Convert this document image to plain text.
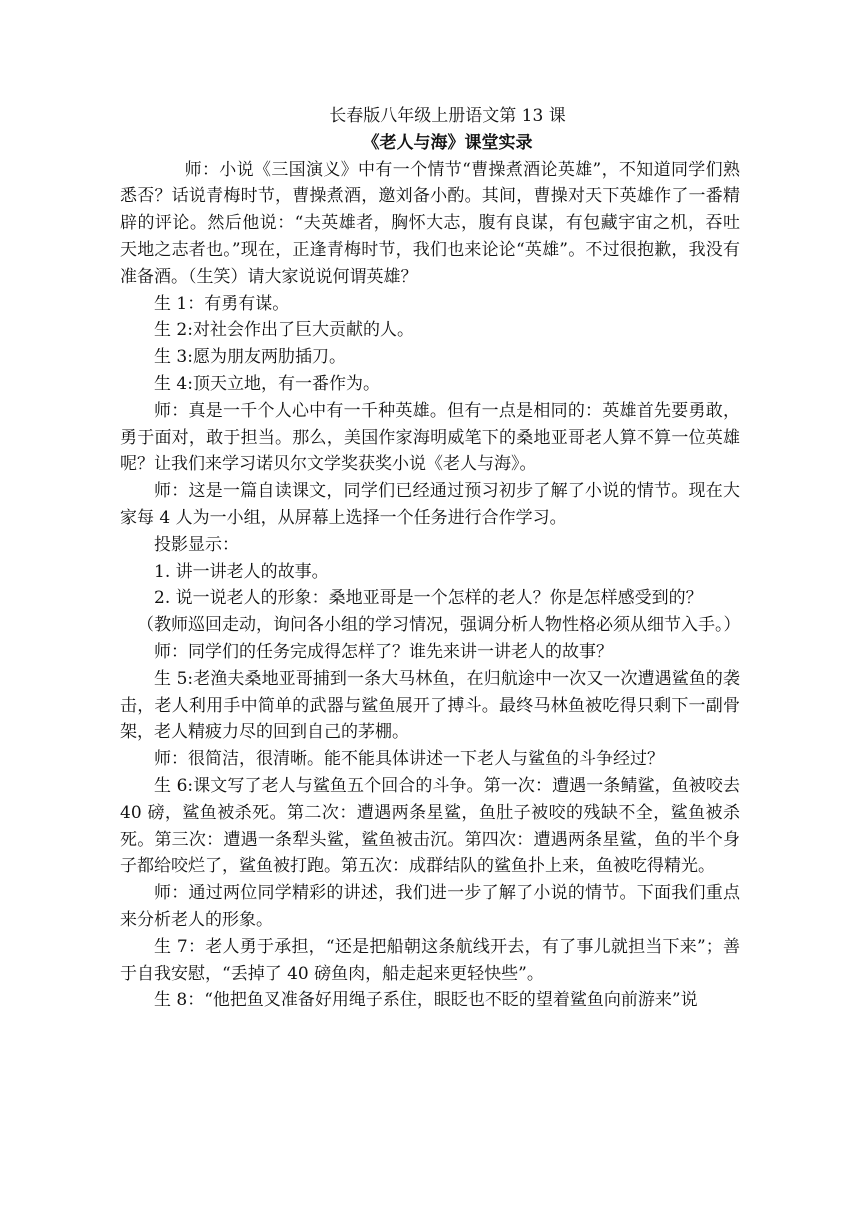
长春版八年级上册语文第 13 课
《老人与海》课堂实录

师：小说《三国演义》中有一个情节“曹操煮酒论英雄”，不知道同学们熟悉否？话说青梅时节，曹操煮酒，邀刘备小酌。其间，曹操对天下英雄作了一番精辟的评论。然后他说：“夫英雄者，胸怀大志，腹有良谋，有包藏宇宙之机，吞吐天地之志者也。”现在，正逢青梅时节，我们也来论论“英雄”。不过很抱歉，我没有准备酒。（生笑）请大家说说何谓英雄？

生 1：有勇有谋。

生 2:对社会作出了巨大贡献的人。

生 3:愿为朋友两肋插刀。

生 4:顶天立地，有一番作为。

师：真是一千个人心中有一千种英雄。但有一点是相同的：英雄首先要勇敢，勇于面对，敢于担当。那么，美国作家海明威笔下的桑地亚哥老人算不算一位英雄呢？让我们来学习诺贝尔文学奖获奖小说《老人与海》。

师：这是一篇自读课文，同学们已经通过预习初步了解了小说的情节。现在大家每 4 人为一小组，从屏幕上选择一个任务进行合作学习。

投影显示：

1. 讲一讲老人的故事。

2. 说一说老人的形象：桑地亚哥是一个怎样的老人？你是怎样感受到的？

（教师巡回走动，询问各小组的学习情况，强调分析人物性格必须从细节入手。）

师：同学们的任务完成得怎样了？谁先来讲一讲老人的故事？

生 5:老渔夫桑地亚哥捕到一条大马林鱼，在归航途中一次又一次遭遇鲨鱼的袭击，老人利用手中简单的武器与鲨鱼展开了搏斗。最终马林鱼被吃得只剩下一副骨架，老人精疲力尽的回到自己的茅棚。

师：很简洁，很清晰。能不能具体讲述一下老人与鲨鱼的斗争经过？

生 6:课文写了老人与鲨鱼五个回合的斗争。第一次：遭遇一条鲭鲨，鱼被咬去 40 磅，鲨鱼被杀死。第二次：遭遇两条星鲨，鱼肚子被咬的残缺不全，鲨鱼被杀死。第三次：遭遇一条犁头鲨，鲨鱼被击沉。第四次：遭遇两条星鲨，鱼的半个身子都给咬烂了，鲨鱼被打跑。第五次：成群结队的鲨鱼扑上来，鱼被吃得精光。

师：通过两位同学精彩的讲述，我们进一步了解了小说的情节。下面我们重点来分析老人的形象。

生 7：老人勇于承担，“还是把船朝这条航线开去，有了事儿就担当下来”；善于自我安慰，“丢掉了 40 磅鱼肉，船走起来更轻快些”。

生 8：“他把鱼叉准备好用绳子系住，眼眨也不眨的望着鲨鱼向前游来”说
